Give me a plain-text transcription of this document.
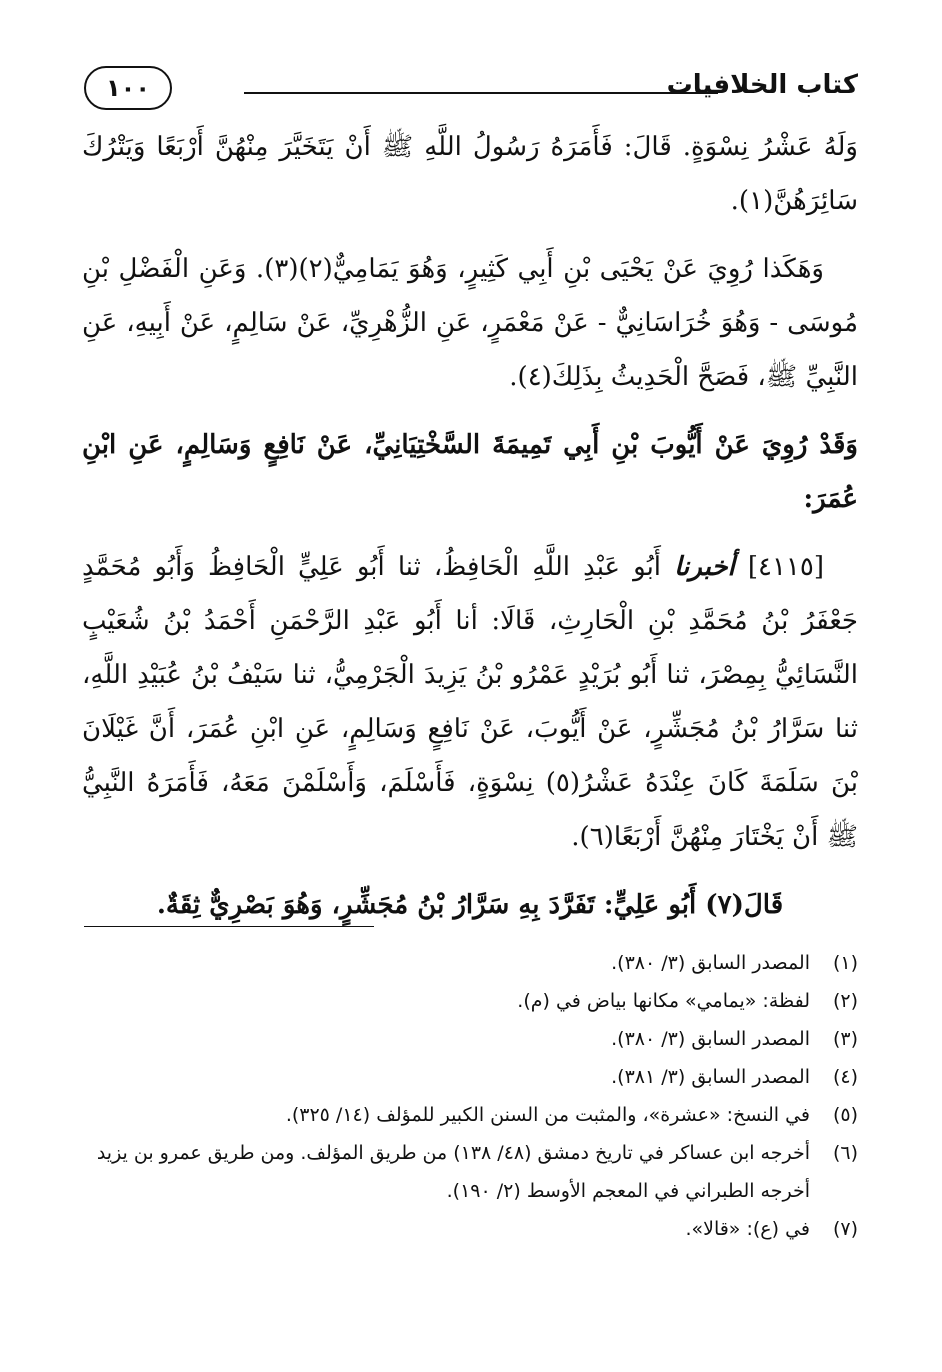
كتاب الخلافيات
١٠٠

وَلَهُ عَشْرُ نِسْوَةٍ. قَالَ: فَأَمَرَهُ رَسُولُ اللَّهِ ﷺ أَنْ يَتَخَيَّرَ مِنْهُنَّ أَرْبَعًا وَيَتْرُكَ سَائِرَهُنَّ(١).

وَهَكَذا رُوِيَ عَنْ يَحْيَى بْنِ أَبِي كَثِيرٍ، وَهُوَ يَمَامِيٌّ(٢)(٣). وَعَنِ الْفَضْلِ بْنِ مُوسَى - وَهُوَ خُرَاسَانِيٌّ - عَنْ مَعْمَرٍ، عَنِ الزُّهْرِيِّ، عَنْ سَالِمٍ، عَنْ أَبِيهِ، عَنِ النَّبِيِّ ﷺ، فَصَحَّ الْحَدِيثُ بِذَلِكَ(٤).

وَقَدْ رُوِيَ عَنْ أَيُّوبَ بْنِ أَبِي تَمِيمَةَ السَّخْتِيَانِيِّ، عَنْ نَافِعٍ وَسَالِمٍ، عَنِ ابْنِ عُمَرَ:

[٤١١٥] أخبرنا أَبُو عَبْدِ اللَّهِ الْحَافِظُ، ثنا أَبُو عَلِيٍّ الْحَافِظُ وَأَبُو مُحَمَّدٍ جَعْفَرُ بْنُ مُحَمَّدِ بْنِ الْحَارِثِ، قَالَا: أنا أَبُو عَبْدِ الرَّحْمَنِ أَحْمَدُ بْنُ شُعَيْبٍ النَّسَائِيُّ بِمِصْرَ، ثنا أَبُو بُرَيْدٍ عَمْرُو بْنُ يَزِيدَ الْجَرْمِيُّ، ثنا سَيْفُ بْنُ عُبَيْدِ اللَّهِ، ثنا سَرَّارُ بْنُ مُجَشِّرٍ، عَنْ أَيُّوبَ، عَنْ نَافِعٍ وَسَالِمٍ، عَنِ ابْنِ عُمَرَ، أَنَّ غَيْلَانَ بْنَ سَلَمَةَ كَانَ عِنْدَهُ عَشْرُ(٥) نِسْوَةٍ، فَأَسْلَمَ، وَأَسْلَمْنَ مَعَهُ، فَأَمَرَهُ النَّبِيُّ ﷺ أَنْ يَخْتَارَ مِنْهُنَّ أَرْبَعًا(٦).

قَالَ(٧) أَبُو عَلِيٍّ: تَفَرَّدَ بِهِ سَرَّارُ بْنُ مُجَشِّرٍ، وَهُوَ بَصْرِيٌّ ثِقَةٌ.

(١)
المصدر السابق (٣/ ٣٨٠).
(٢)
لفظة: «يمامي» مكانها بياض في (م).
(٣)
المصدر السابق (٣/ ٣٨٠).
(٤)
المصدر السابق (٣/ ٣٨١).
(٥)
في النسخ: «عشرة»، والمثبت من السنن الكبير للمؤلف (١٤/ ٣٢٥).
(٦)
أخرجه ابن عساكر في تاريخ دمشق (٤٨/ ١٣٨) من طريق المؤلف. ومن طريق عمرو بن يزيد أخرجه الطبراني في المعجم الأوسط (٢/ ١٩٠).
(٧)
في (ع): «قالا».
